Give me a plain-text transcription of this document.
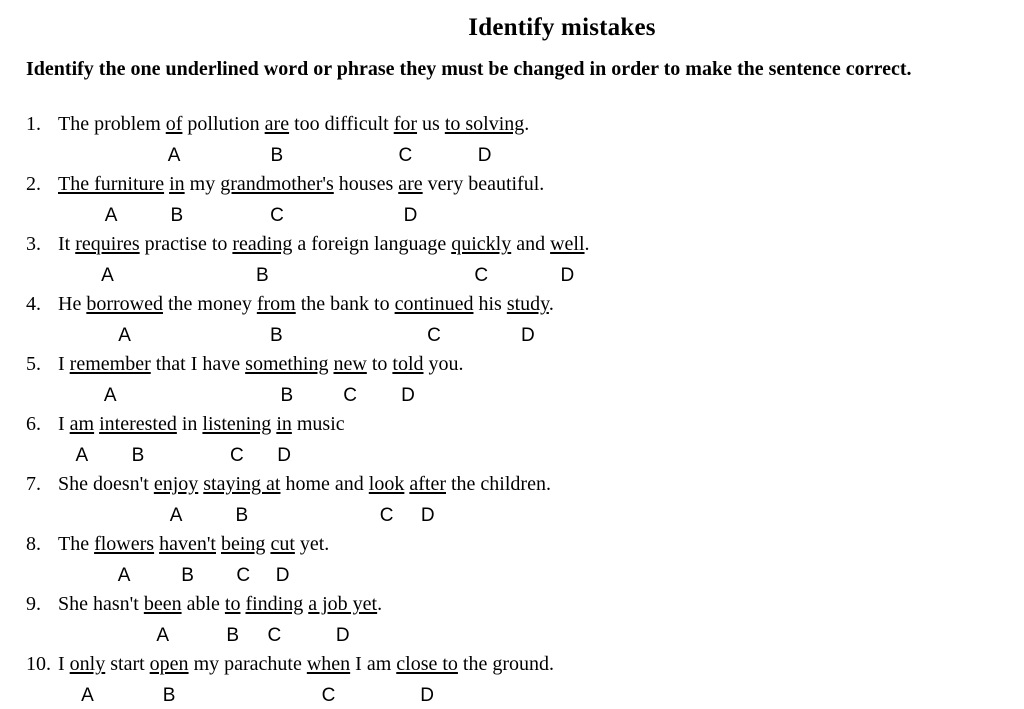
Identify mistakes
Identify the one underlined word or phrase they must be changed in order to make the sentence correct.
1. The problem of pollution are too difficult for us to solving.
A	B	C	D
2. The furniture in my grandmother's houses are very beautiful.
A	B	C	D
3. It requires practise to reading a foreign language quickly and well.
A	B	C	D
4. He borrowed the money from the bank to continued his study.
A	B	C	D
5. I remember that I have something new to told you.
A	B	C D
6. I am interested in listening in music
A B	C D
7. She doesn't enjoy staying at home and look after the children.
A	B	C D
8. The flowers haven't being cut yet.
A	B C D
9. She hasn't been able to finding a job yet.
A	B C	D
10. I only start open my parachute when I am close to the ground.
A	B	C	D
